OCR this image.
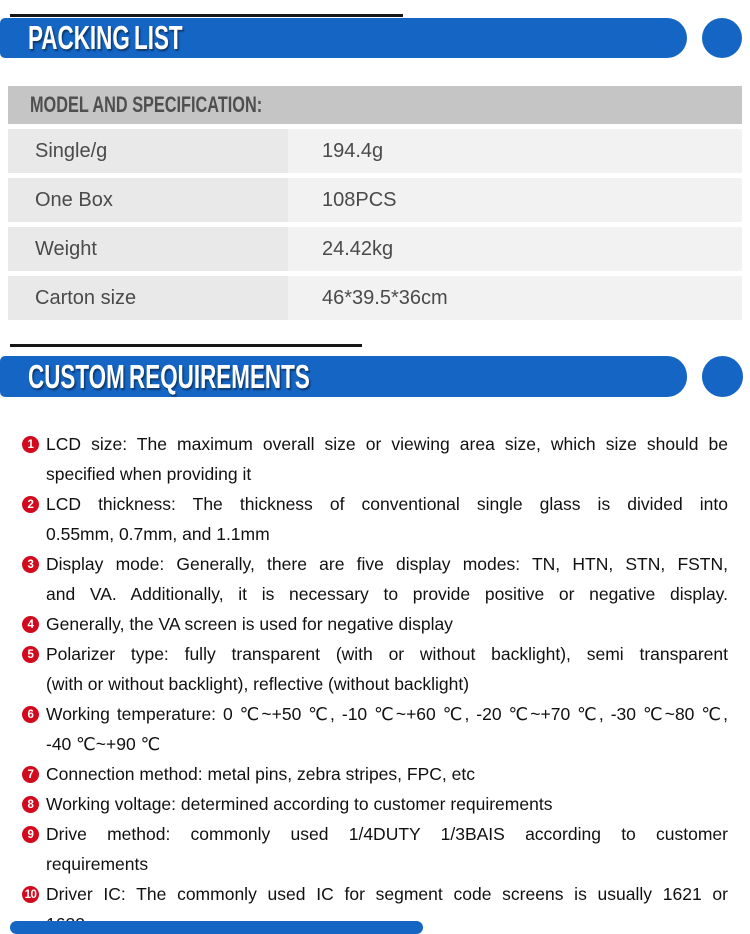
PACKING LIST
MODEL AND SPECIFICATION:
Single/g	194.4g
One Box	108PCS
Weight	24.42kg
Carton size	46*39.5*36cm
CUSTOM REQUIREMENTS
1 LCD size: The maximum overall size or viewing area size, which size should be
specified when providing it
2 LCD thickness: The thickness of conventional single glass is divided into
0.55mm, 0.7mm, and 1.1mm
3 Display mode: Generally, there are five display modes: TN, HTN, STN, FSTN,
and VA. Additionally, it is necessary to provide positive or negative display.
4 Generally, the VA screen is used for negative display
5 Polarizer type: fully transparent (with or without backlight), semi transparent
(with or without backlight), reflective (without backlight)
6 Working temperature: 0 ℃~+50 ℃, -10 ℃~+60 ℃, -20 ℃~+70 ℃, -30 ℃~80 ℃,
-40 ℃~+90 ℃
7 Connection method: metal pins, zebra stripes, FPC, etc
8 Working voltage: determined according to customer requirements
9 Drive method: commonly used 1/4DUTY 1/3BAIS according to customer
requirements
10 Driver IC: The commonly used IC for segment code screens is usually 1621 or
